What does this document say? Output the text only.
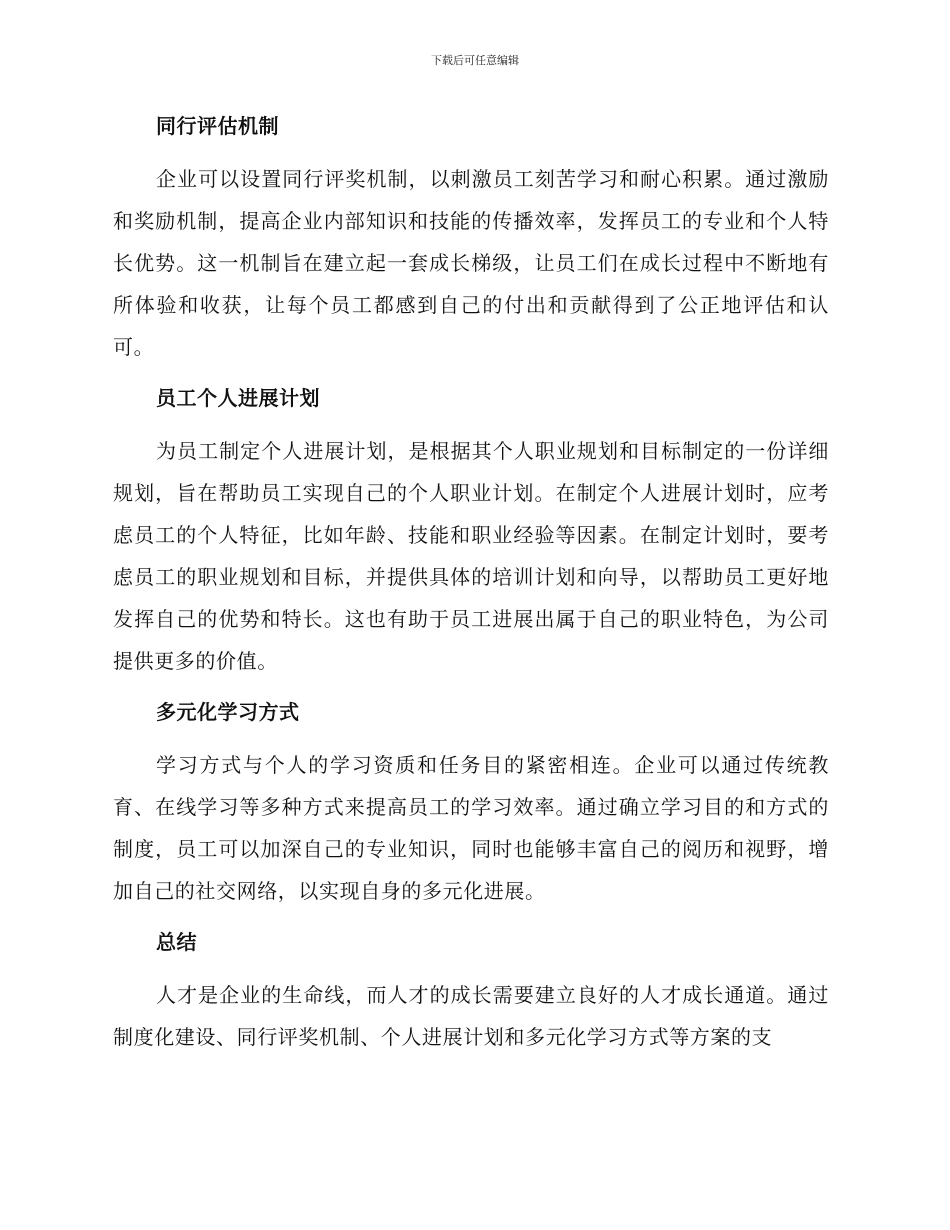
下载后可任意编辑
同行评估机制

企业可以设置同行评奖机制，以刺激员工刻苦学习和耐心积累。通过激励和奖励机制，提高企业内部知识和技能的传播效率，发挥员工的专业和个人特长优势。这一机制旨在建立起一套成长梯级，让员工们在成长过程中不断地有所体验和收获，让每个员工都感到自己的付出和贡献得到了公正地评估和认可。

员工个人进展计划

为员工制定个人进展计划，是根据其个人职业规划和目标制定的一份详细规划，旨在帮助员工实现自己的个人职业计划。在制定个人进展计划时，应考虑员工的个人特征，比如年龄、技能和职业经验等因素。在制定计划时，要考虑员工的职业规划和目标，并提供具体的培训计划和向导，以帮助员工更好地发挥自己的优势和特长。这也有助于员工进展出属于自己的职业特色，为公司提供更多的价值。

多元化学习方式

学习方式与个人的学习资质和任务目的紧密相连。企业可以通过传统教育、在线学习等多种方式来提高员工的学习效率。通过确立学习目的和方式的制度，员工可以加深自己的专业知识，同时也能够丰富自己的阅历和视野，增加自己的社交网络，以实现自身的多元化进展。

总结

人才是企业的生命线，而人才的成长需要建立良好的人才成长通道。通过制度化建设、同行评奖机制、个人进展计划和多元化学习方式等方案的支
